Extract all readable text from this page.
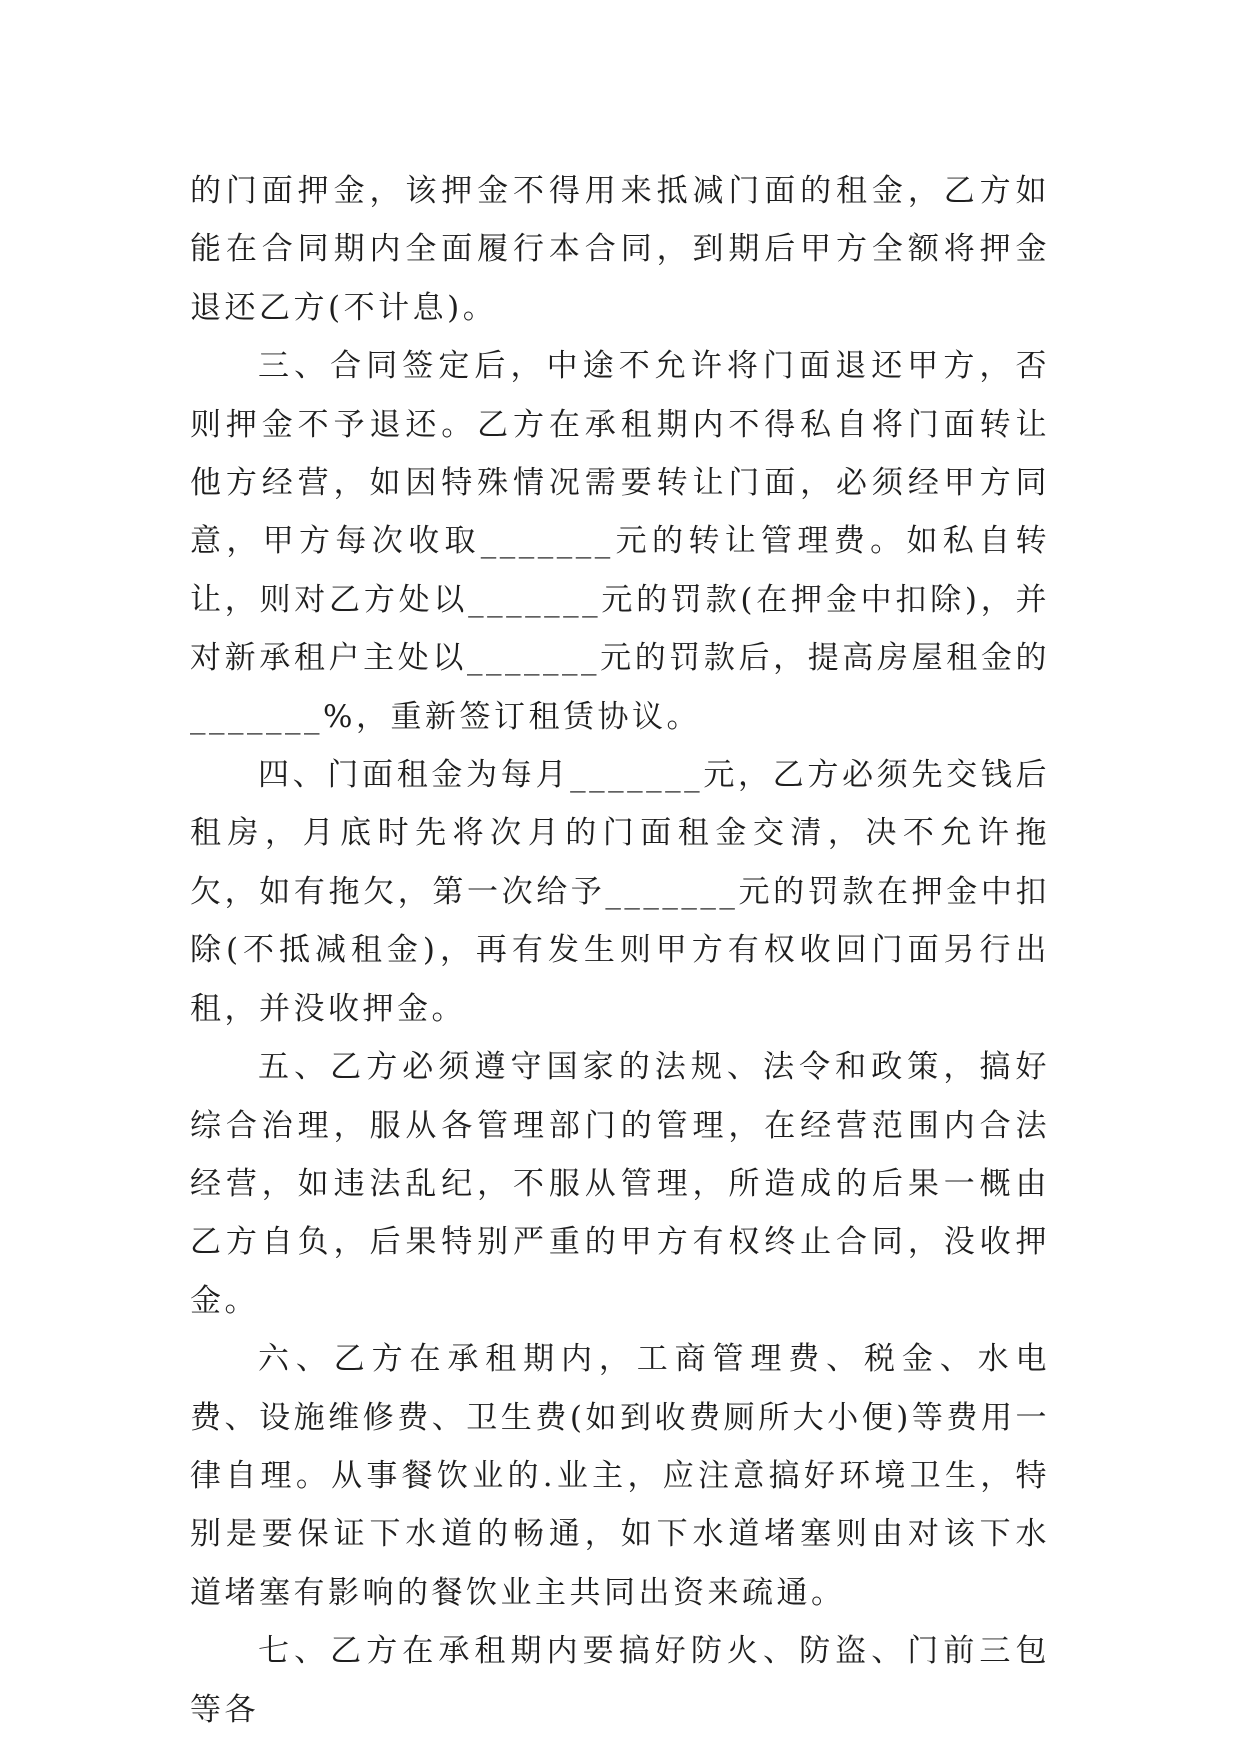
的门面押金，该押金不得用来抵减门面的租金，乙方如能在合同期内全面履行本合同，到期后甲方全额将押金退还乙方(不计息)。

三、合同签定后，中途不允许将门面退还甲方，否则押金不予退还。乙方在承租期内不得私自将门面转让他方经营，如因特殊情况需要转让门面，必须经甲方同意，甲方每次收取_______元的转让管理费。如私自转让，则对乙方处以_______元的罚款(在押金中扣除)，并对新承租户主处以_______元的罚款后，提高房屋租金的_______%，重新签订租赁协议。

四、门面租金为每月_______元，乙方必须先交钱后租房，月底时先将次月的门面租金交清，决不允许拖欠，如有拖欠，第一次给予_______元的罚款在押金中扣除(不抵减租金)，再有发生则甲方有权收回门面另行出租，并没收押金。

五、乙方必须遵守国家的法规、法令和政策，搞好综合治理，服从各管理部门的管理，在经营范围内合法经营，如违法乱纪，不服从管理，所造成的后果一概由乙方自负，后果特别严重的甲方有权终止合同，没收押金。

六、乙方在承租期内，工商管理费、税金、水电费、设施维修费、卫生费(如到收费厕所大小便)等费用一律自理。从事餐饮业的.业主，应注意搞好环境卫生，特别是要保证下水道的畅通，如下水道堵塞则由对该下水道堵塞有影响的餐饮业主共同出资来疏通。

七、乙方在承租期内要搞好防火、防盗、门前三包等各
